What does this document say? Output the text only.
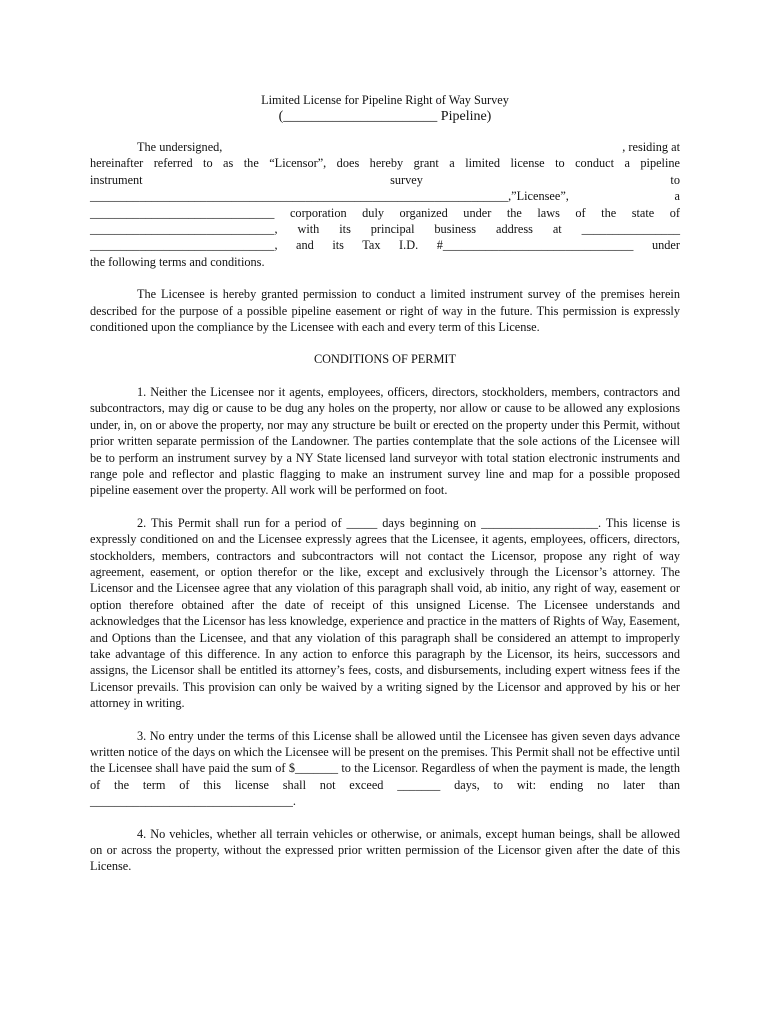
Limited License for Pipeline Right of Way Survey
(______________________ Pipeline)
The undersigned,	, residing at
hereinafter referred to as the “Licensor”, does hereby grant a limited license to conduct a pipeline
instrument	survey	to
____________________________________________________________________,”Licensee”,	a
______________________________ corporation duly organized under the laws of the state of
______________________________, with its principal business address at ________________
______________________________, and its Tax I.D. #_______________________________ under
the following terms and conditions.

The Licensee is hereby granted permission to conduct a limited instrument survey of the premises herein described for the purpose of a possible pipeline easement or right of way in the future. This permission is expressly conditioned upon the compliance by the Licensee with each and every term of this License.

CONDITIONS OF PERMIT

1. Neither the Licensee nor it agents, employees, officers, directors, stockholders, members, contractors and subcontractors, may dig or cause to be dug any holes on the property, nor allow or cause to be allowed any explosions under, in, on or above the property, nor may any structure be built or erected on the property under this Permit, without prior written separate permission of the Landowner. The parties contemplate that the sole actions of the Licensee will be to perform an instrument survey by a NY State licensed land surveyor with total station electronic instruments and range pole and reflector and plastic flagging to make an instrument survey line and map for a possible proposed pipeline easement over the property. All work will be performed on foot.

2. This Permit shall run for a period of _____ days beginning on ___________________. This license is expressly conditioned on and the Licensee expressly agrees that the Licensee, it agents, employees, officers, directors, stockholders, members, contractors and subcontractors will not contact the Licensor, propose any right of way agreement, easement, or option therefor or the like, except and exclusively through the Licensor’s attorney. The Licensor and the Licensee agree that any violation of this paragraph shall void, ab initio, any right of way, easement or option therefore obtained after the date of receipt of this unsigned License. The Licensee understands and acknowledges that the Licensor has less knowledge, experience and practice in the matters of Rights of Way, Easement, and Options than the Licensee, and that any violation of this paragraph shall be considered an attempt to improperly take advantage of this difference. In any action to enforce this paragraph by the Licensor, its heirs, successors and assigns, the Licensor shall be entitled its attorney’s fees, costs, and disbursements, including expert witness fees if the Licensor prevails. This provision can only be waived by a writing signed by the Licensor and approved by his or her attorney in writing.

3. No entry under the terms of this License shall be allowed until the Licensee has given seven days advance written notice of the days on which the Licensee will be present on the premises. This Permit shall not be effective until the Licensee shall have paid the sum of $_______ to the Licensor. Regardless of when the payment is made, the length of the term of this license shall not exceed _______ days, to wit: ending no later than _________________________________.

4. No vehicles, whether all terrain vehicles or otherwise, or animals, except human beings, shall be allowed on or across the property, without the expressed prior written permission of the Licensor given after the date of this License.
